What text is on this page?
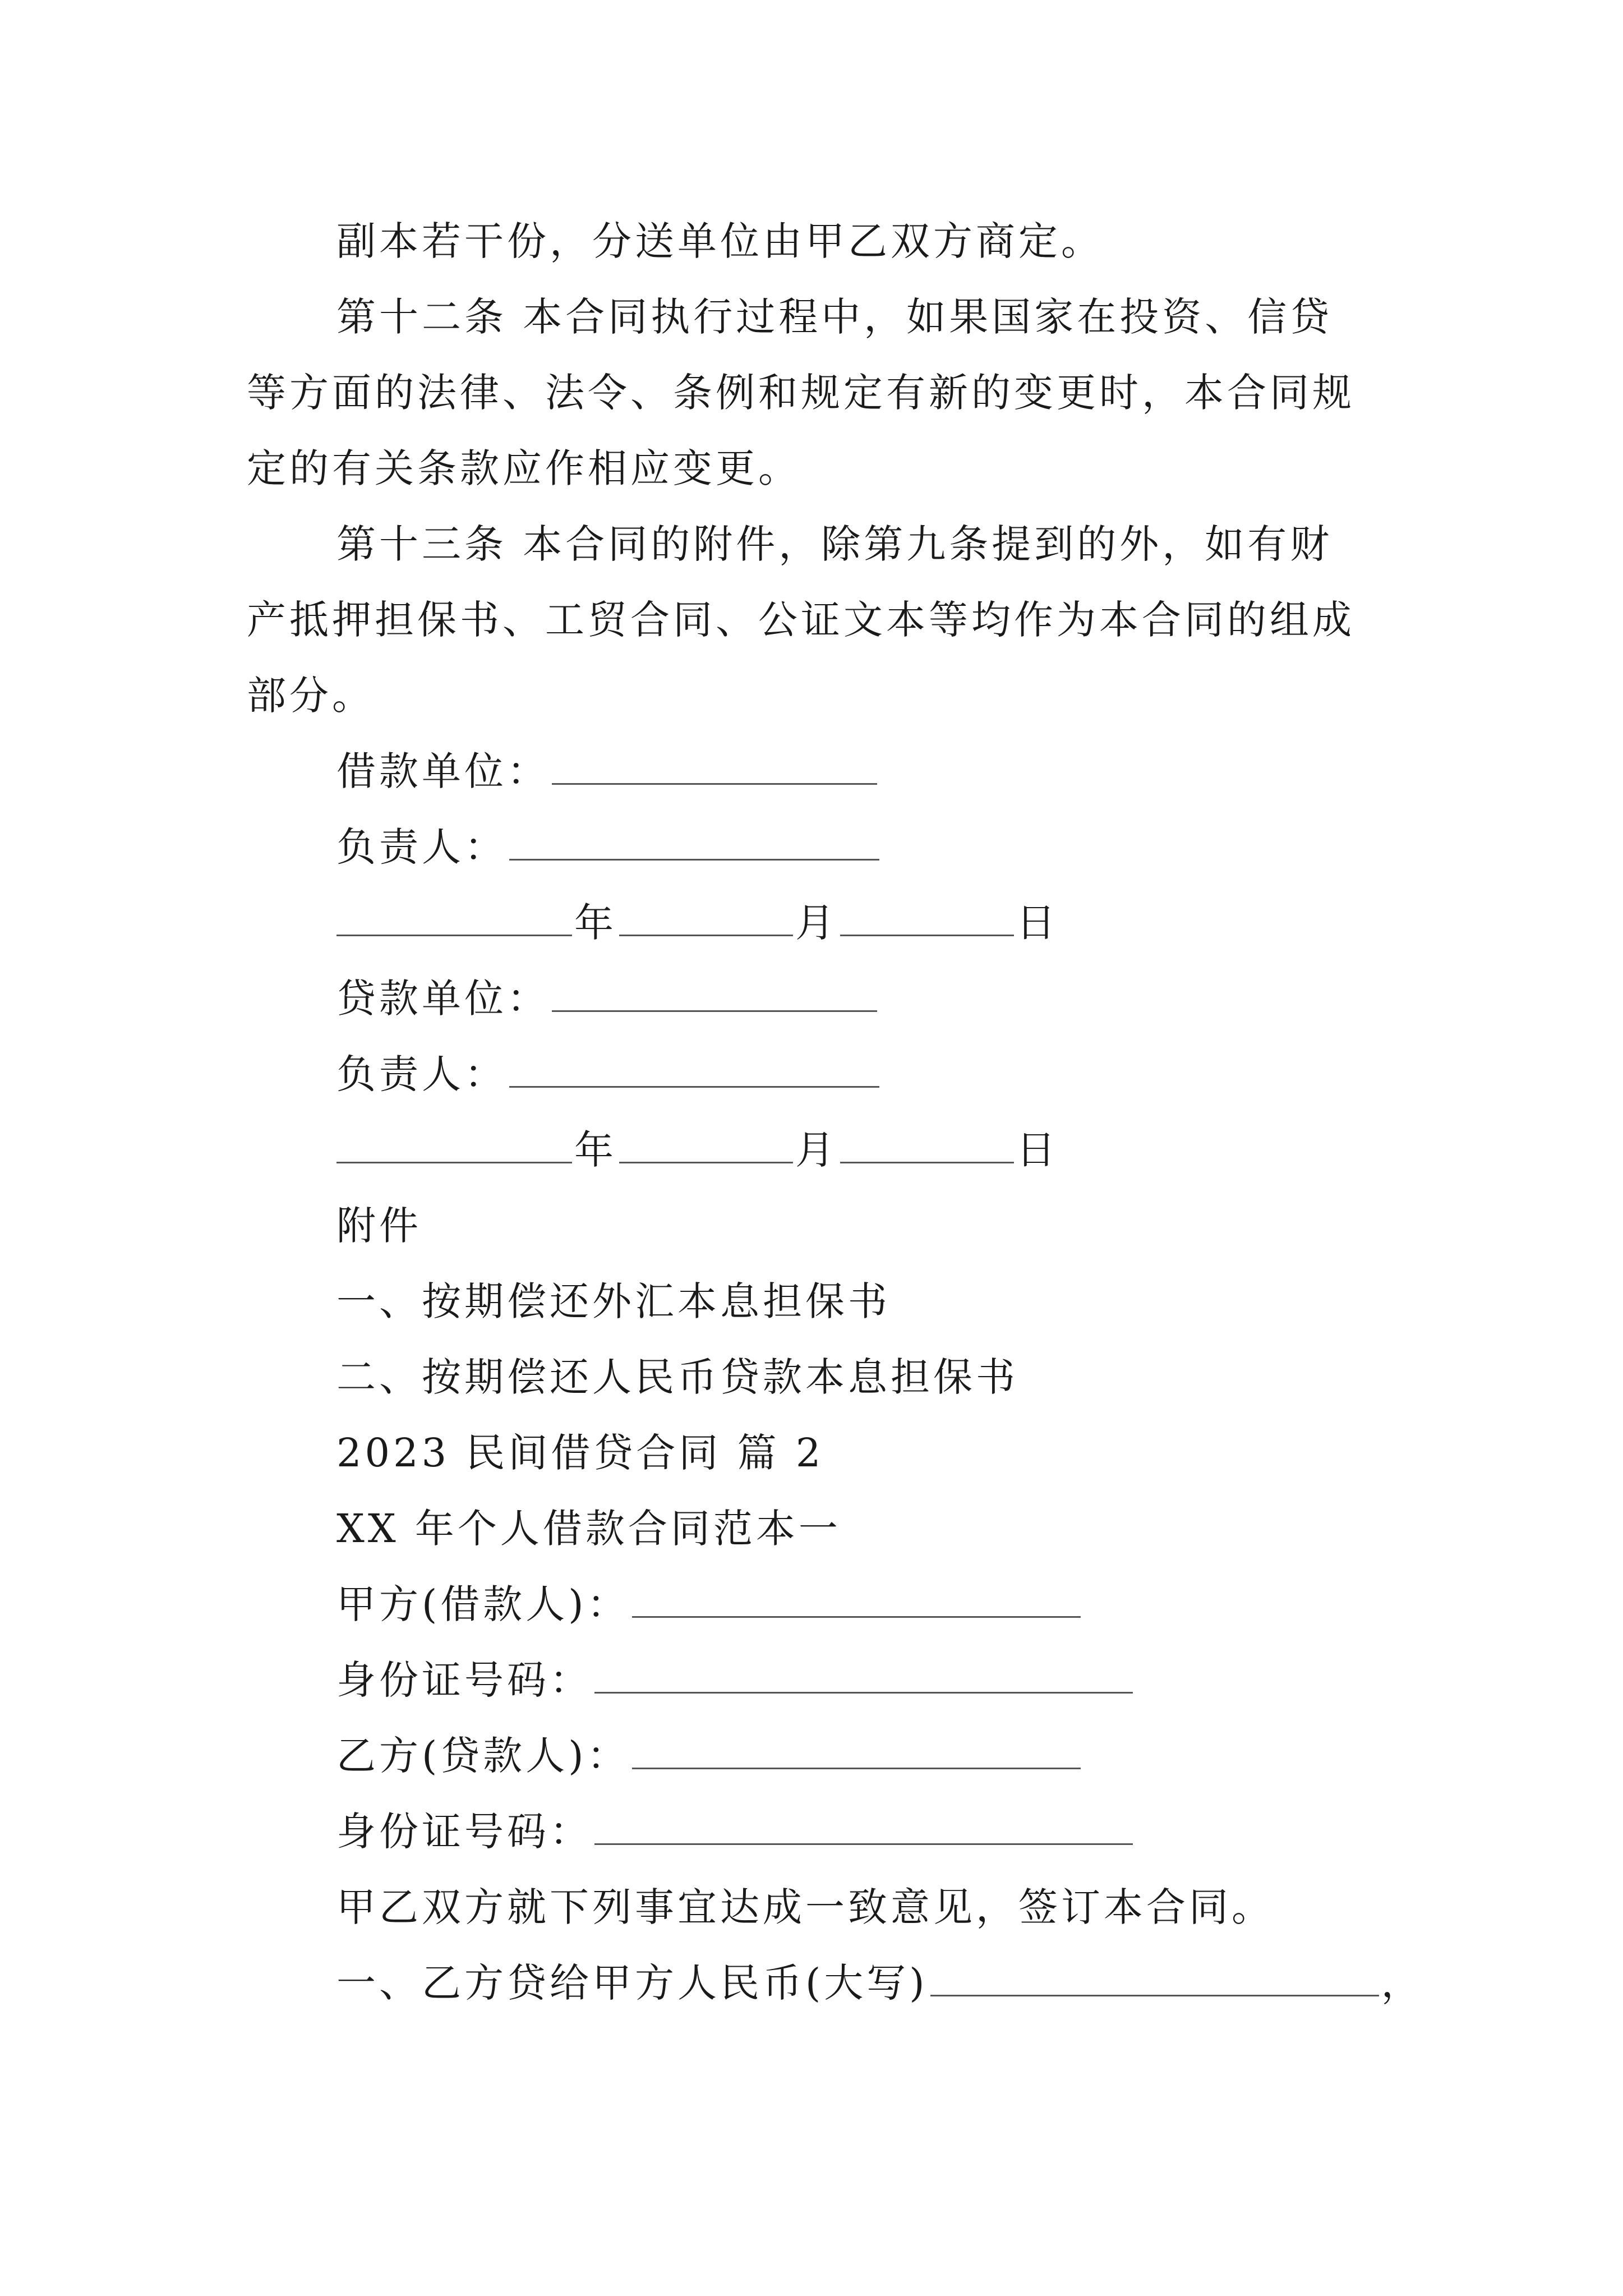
副本若干份，分送单位由甲乙双方商定。
第十二条 本合同执行过程中，如果国家在投资、信贷
等方面的法律、法令、条例和规定有新的变更时，本合同规
定的有关条款应作相应变更。
第十三条 本合同的附件，除第九条提到的外，如有财
产抵押担保书、工贸合同、公证文本等均作为本合同的组成
部分。
借款单位：
负责人：
年	月	日
贷款单位：
负责人：
年	月	日
附件
一、按期偿还外汇本息担保书
二、按期偿还人民币贷款本息担保书
2023 民间借贷合同 篇 2
XX 年个人借款合同范本一
甲方(借款人)：
身份证号码：
乙方(贷款人)：
身份证号码：
甲乙双方就下列事宜达成一致意见，签订本合同。
一、乙方贷给甲方人民币(大写)	，
